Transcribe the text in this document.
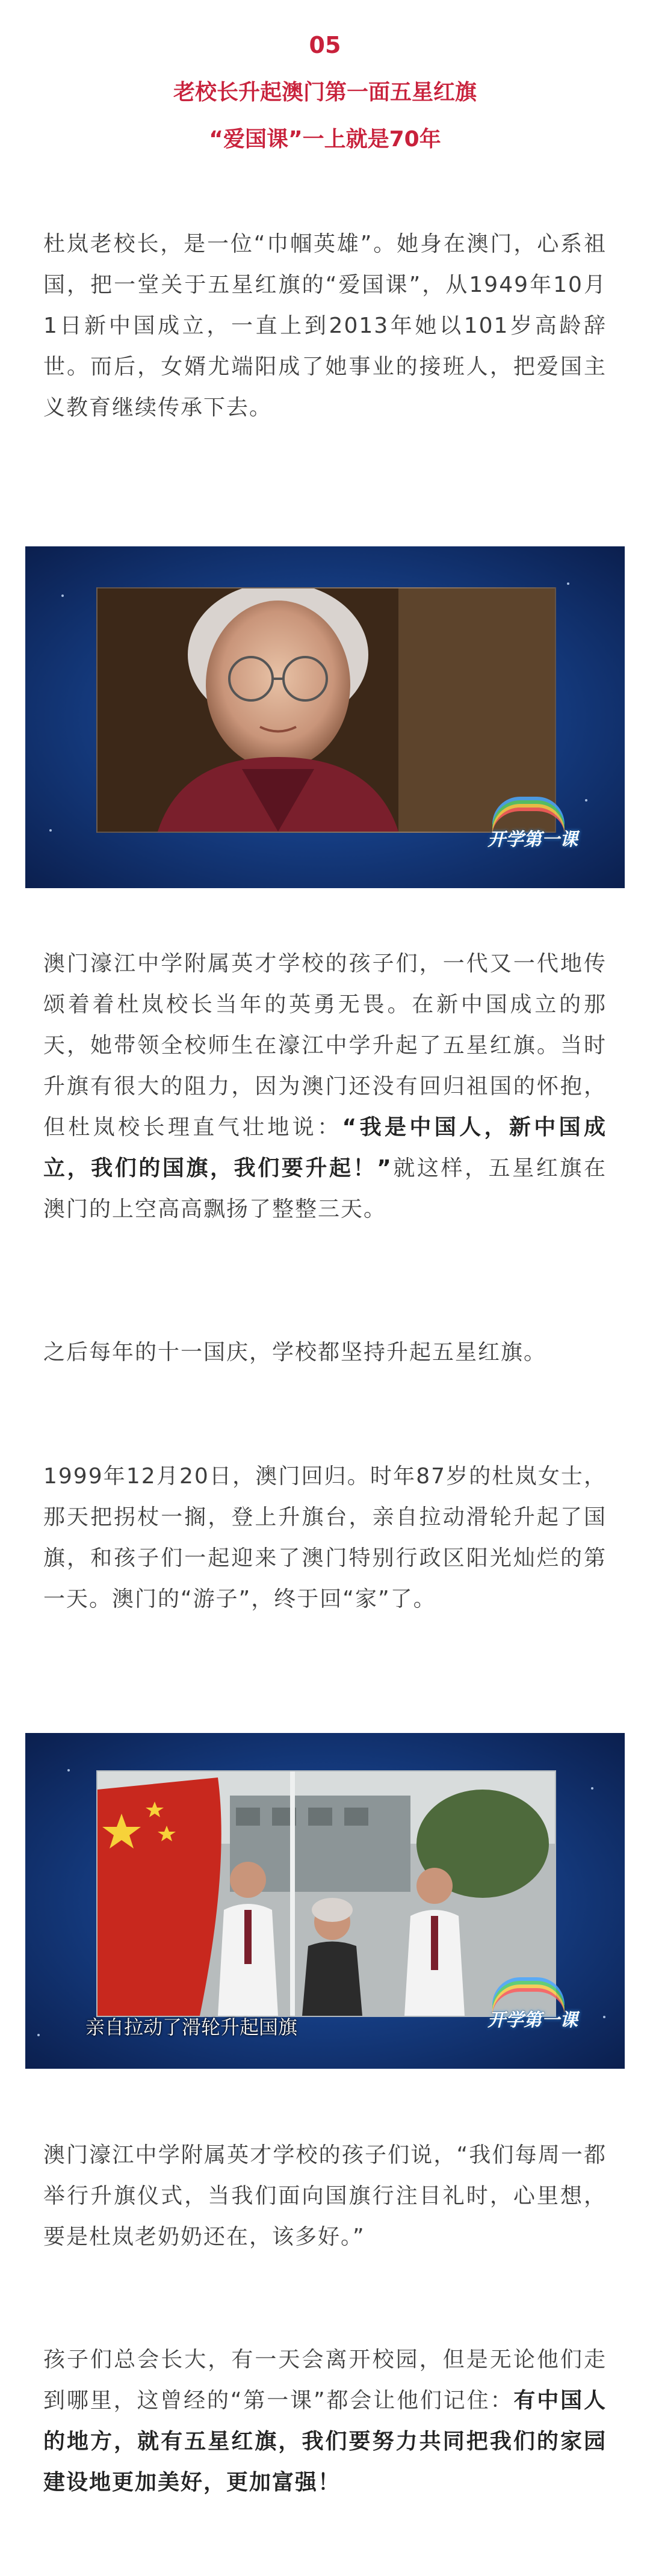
05
老校长升起澳门第一面五星红旗
“爱国课”一上就是70年

杜岚老校长，是一位“巾帼英雄”。她身在澳门，心系祖国，把一堂关于五星红旗的“爱国课”，从1949年10月1日新中国成立，一直上到2013年她以101岁高龄辞世。而后，女婿尤端阳成了她事业的接班人，把爱国主义教育继续传承下去。

开学第一课

澳门濠江中学附属英才学校的孩子们，一代又一代地传颂着着杜岚校长当年的英勇无畏。在新中国成立的那天，她带领全校师生在濠江中学升起了五星红旗。当时升旗有很大的阻力，因为澳门还没有回归祖国的怀抱，但杜岚校长理直气壮地说：“我是中国人，新中国成立，我们的国旗，我们要升起！”就这样，五星红旗在澳门的上空高高飘扬了整整三天。

之后每年的十一国庆，学校都坚持升起五星红旗。

1999年12月20日，澳门回归。时年87岁的杜岚女士，那天把拐杖一搁，登上升旗台，亲自拉动滑轮升起了国旗，和孩子们一起迎来了澳门特别行政区阳光灿烂的第一天。澳门的“游子”，终于回“家”了。

亲自拉动了滑轮升起国旗	开学第一课

澳门濠江中学附属英才学校的孩子们说，“我们每周一都举行升旗仪式，当我们面向国旗行注目礼时，心里想，要是杜岚老奶奶还在，该多好。”

孩子们总会长大，有一天会离开校园，但是无论他们走到哪里，这曾经的“第一课”都会让他们记住：有中国人的地方，就有五星红旗，我们要努力共同把我们的家园建设地更加美好，更加富强！
